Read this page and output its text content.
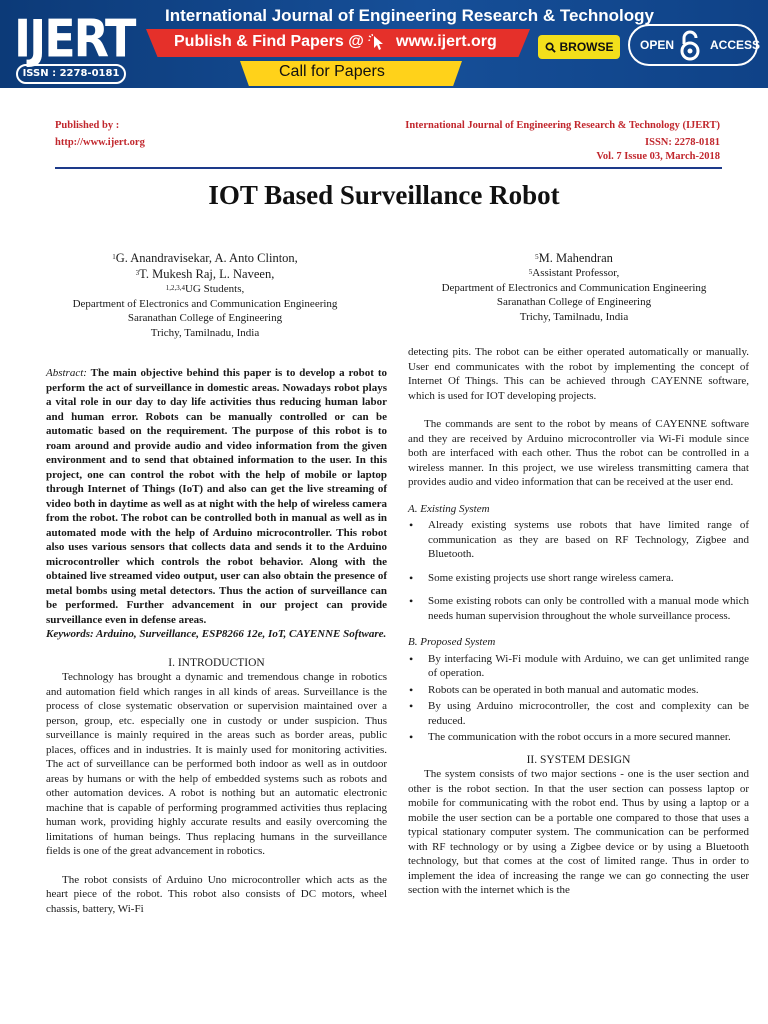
IJERT
ISSN : 2278-0181
International Journal of Engineering Research & Technology
Publish & Find Papers @ www.ijert.org	BROWSE OPEN	ACCESS
Call for Papers
Published by :
http://www.ijert.org
International Journal of Engineering Research & Technology (IJERT)
ISSN: 2278-0181
Vol. 7 Issue 03, March-2018
IOT Based Surveillance Robot
$^1$G. Anandravisekar, A. Anto Clinton,
$^3$T. Mukesh Raj, L. Naveen,
$^{1,2,3,4}$UG Students,
Department of Electronics and Communication Engineering
Saranathan College of Engineering
Trichy, Tamilnadu, India
$^5$M. Mahendran
$^5$Assistant Professor,
Department of Electronics and Communication Engineering
Saranathan College of Engineering
Trichy, Tamilnadu, India

Abstract: The main objective behind this paper is to develop a robot to perform the act of surveillance in domestic areas. Nowadays robot plays a vital role in our day to day life activities thus reducing human labor and human error. Robots can be manually controlled or can be automatic based on the requirement. The purpose of this robot is to roam around and provide audio and video information from the given environment and to send that obtained information to the user. In this project, one can control the robot with the help of mobile or laptop through Internet of Things (IoT) and also can get the live streaming of video both in daytime as well as at night with the help of wireless camera from the robot. The robot can be controlled both in manual as well as in automated mode with the help of Arduino microcontroller. This robot also uses various sensors that collects data and sends it to the Arduino microcontroller which controls the robot behavior. Along with the obtained live streamed video output, user can also obtain the presence of metal bombs using metal detectors. Thus the action of surveillance can be performed. Further advancement in our project can provide surveillance even in defense areas.

Keywords: Arduino, Surveillance, ESP8266 12e, IoT, CAYENNE Software.

I. INTRODUCTION

Technology has brought a dynamic and tremendous change in robotics and automation field which ranges in all kinds of areas. Surveillance is the process of close systematic observation or supervision maintained over a person, group, etc. especially one in custody or under suspicion. Thus surveillance is mainly required in the areas such as border areas, public places, offices and in industries. It is mainly used for monitoring activities. The act of surveillance can be performed both indoor as well as in outdoor areas by humans or with the help of embedded systems such as robots and other automation devices. A robot is nothing but an automatic electronic machine that is capable of performing programmed activities thus replacing human work, providing highly accurate results and easily overcoming the limitations of human beings. Thus replacing humans in the surveillance fields is one of the great advancement in robotics.

The robot consists of Arduino Uno microcontroller which acts as the heart piece of the robot. This robot also consists of DC motors, wheel chassis, battery, Wi-Fi

detecting pits. The robot can be either operated automatically or manually. User end communicates with the robot by implementing the concept of Internet Of Things. This can be achieved through CAYENNE software, which is used for IOT developing projects.

The commands are sent to the robot by means of CAYENNE software and they are received by Arduino microcontroller via Wi-Fi module since both are interfaced with each other. Thus the robot can be controlled in a wireless manner. In this project, we use wireless transmitting camera that provides audio and video information that can be received at the user end.

A. Existing System
• Already existing systems use robots that have limited range of communication as they are based on RF Technology, Zigbee and Bluetooth.
• Some existing projects use short range wireless camera.
• Some existing robots can only be controlled with a manual mode which needs human supervision throughout the whole surveillance process.
B. Proposed System
• By interfacing Wi-Fi module with Arduino, we can get unlimited range of operation.
• Robots can be operated in both manual and automatic modes.
• By using Arduino microcontroller, the cost and complexity can be reduced.
• The communication with the robot occurs in a more secured manner.
II. SYSTEM DESIGN

The system consists of two major sections - one is the user section and other is the robot section. In that the user section can possess laptop or mobile for communicating with the robot end. Thus by using a laptop or a mobile the user section can be a portable one compared to those that uses a typical stationary computer system. The communication can be performed with RF technology or by using a Zigbee device or by using a Bluetooth technology, but that comes at the cost of limited range. Thus in order to implement the idea of increasing the range we can go connecting the user section with the internet which is the
